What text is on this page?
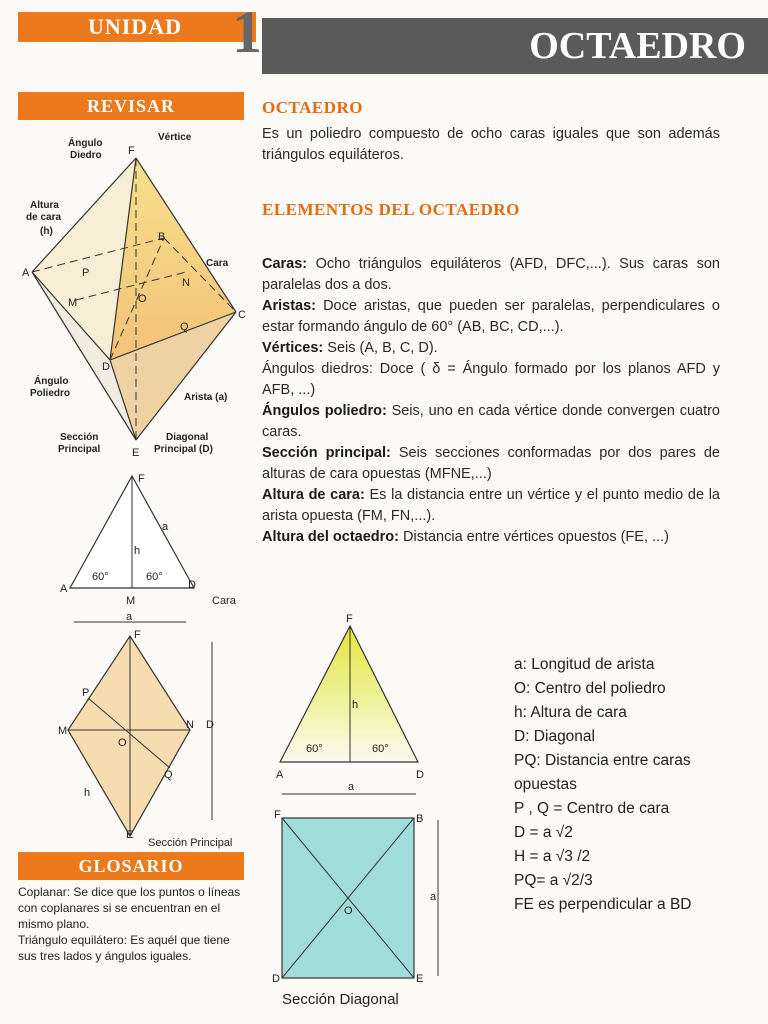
UNIDAD 1	OCTAEDRO
REVISAR
GLOSARIO
OCTAEDRO
Es un poliedro compuesto de ocho caras iguales que son además triángulos equiláteros.
ELEMENTOS DEL OCTAEDRO
Caras: Ocho triángulos equiláteros (AFD, DFC,...). Sus caras son paralelas dos a dos.
Aristas: Doce aristas, que pueden ser paralelas, perpendiculares o estar formando ángulo de 60° (AB, BC, CD,...).
Vértices: Seis (A, B, C, D).
Ángulos diedros: Doce ( δ = Ángulo formado por los planos AFD y AFB, ...)
Ángulos poliedro: Seis, uno en cada vértice donde convergen cuatro caras.
Sección principal: Seis secciones conformadas por dos pares de alturas de cara opuestas (MFNE,...)
Altura de cara: Es la distancia entre un vértice y el punto medio de la arista opuesta (FM, FN,...).
Altura del octaedro: Distancia entre vértices opuestos (FE, ...)
a: Longitud de arista
O: Centro del poliedro
h: Altura de cara
D: Diagonal
PQ: Distancia entre caras opuestas
P , Q = Centro de cara
D = a √2
H = a √3 /2
PQ= a √2/3
FE es perpendicular a BD
Coplanar: Se dice que los puntos o líneas con coplanares si se encuentran en el mismo plano.
Triángulo equilátero: Es aquél que tiene sus tres lados y ángulos iguales.
F
A
B
C
D
E
M
N
O
P
Q
Ángulo
Diedro
Vértice
Altura
de cara
(h)
Cara
Ángulo
Poliedro	Arista (a)
Sección
Principal
Diagonal
Principal (D)
F
a
h
A
60°	60°
D
M	Cara
a
F
P
M	N D
O
Q
h
E
Sección Principal
F
h
60°	60°
A	D
a
F	B
O
a
D	E
Sección Diagonal
